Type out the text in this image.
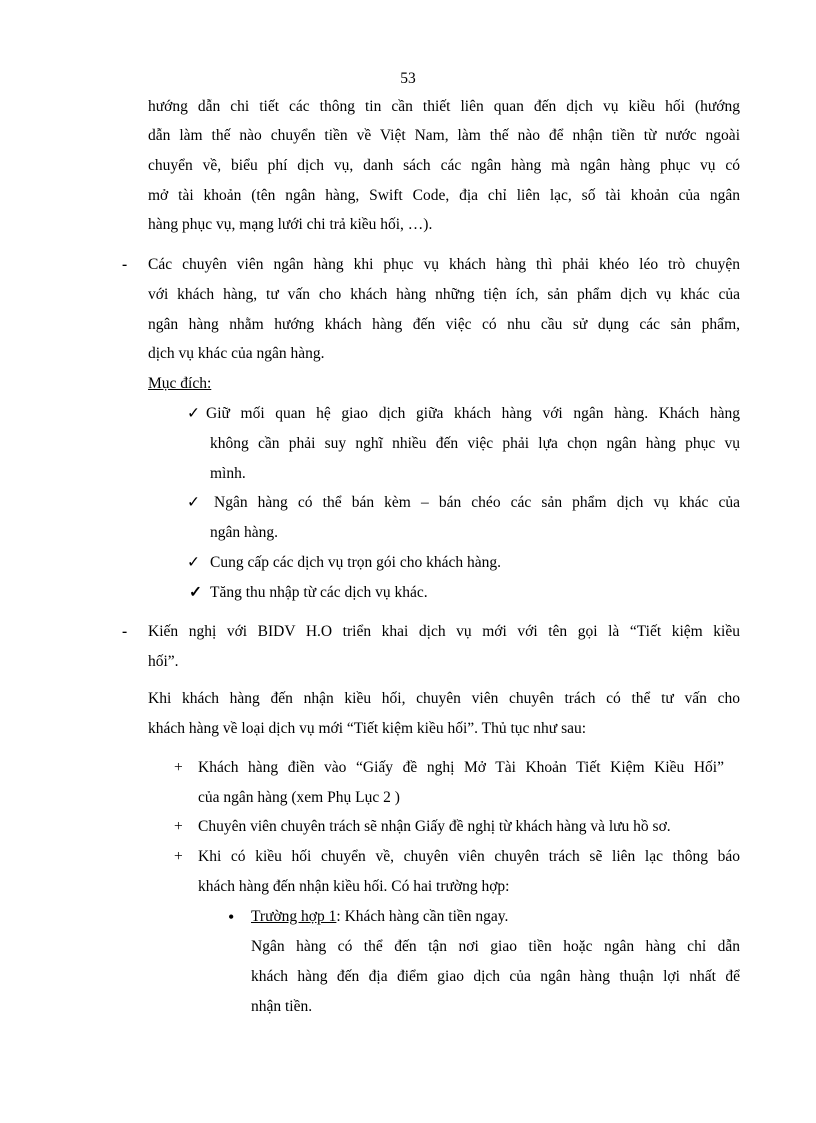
53
hướng dẫn chi tiết các thông tin cần thiết liên quan đến dịch vụ kiều hối (hướng
dẫn làm thế nào chuyển tiền về Việt Nam, làm thế nào để nhận tiền từ nước ngoài
chuyển về, biểu phí dịch vụ, danh sách các ngân hàng mà ngân hàng phục vụ có
mở tài khoản (tên ngân hàng, Swift Code, địa chỉ liên lạc, số tài khoản của ngân
hàng phục vụ, mạng lưới chi trả kiều hối, …).
- Các chuyên viên ngân hàng khi phục vụ khách hàng thì phải khéo léo trò chuyện
với khách hàng, tư vấn cho khách hàng những tiện ích, sản phẩm dịch vụ khác của
ngân hàng nhằm hướng khách hàng đến việc có nhu cầu sử dụng các sản phẩm,
dịch vụ khác của ngân hàng.
Mục đích:
✓ Giữ mối quan hệ giao dịch giữa khách hàng với ngân hàng. Khách hàng
không cần phải suy nghĩ nhiều đến việc phải lựa chọn ngân hàng phục vụ
mình.
✓ Ngân hàng có thể bán kèm – bán chéo các sản phẩm dịch vụ khác của
ngân hàng.
✓ Cung cấp các dịch vụ trọn gói cho khách hàng.
✓ Tăng thu nhập từ các dịch vụ khác.
- Kiến nghị với BIDV H.O triển khai dịch vụ mới với tên gọi là “Tiết kiệm kiều
hối”.
Khi khách hàng đến nhận kiều hối, chuyên viên chuyên trách có thể tư vấn cho
khách hàng về loại dịch vụ mới “Tiết kiệm kiều hối”. Thủ tục như sau:
+ Khách hàng điền vào “Giấy đề nghị Mở Tài Khoản Tiết Kiệm Kiều Hối”
của ngân hàng (xem Phụ Lục 2 )
+ Chuyên viên chuyên trách sẽ nhận Giấy đề nghị từ khách hàng và lưu hồ sơ.
+ Khi có kiều hối chuyển về, chuyên viên chuyên trách sẽ liên lạc thông báo
khách hàng đến nhận kiều hối. Có hai trường hợp:
• Trường hợp 1: Khách hàng cần tiền ngay.
Ngân hàng có thể đến tận nơi giao tiền hoặc ngân hàng chỉ dẫn
khách hàng đến địa điểm giao dịch của ngân hàng thuận lợi nhất để
nhận tiền.
